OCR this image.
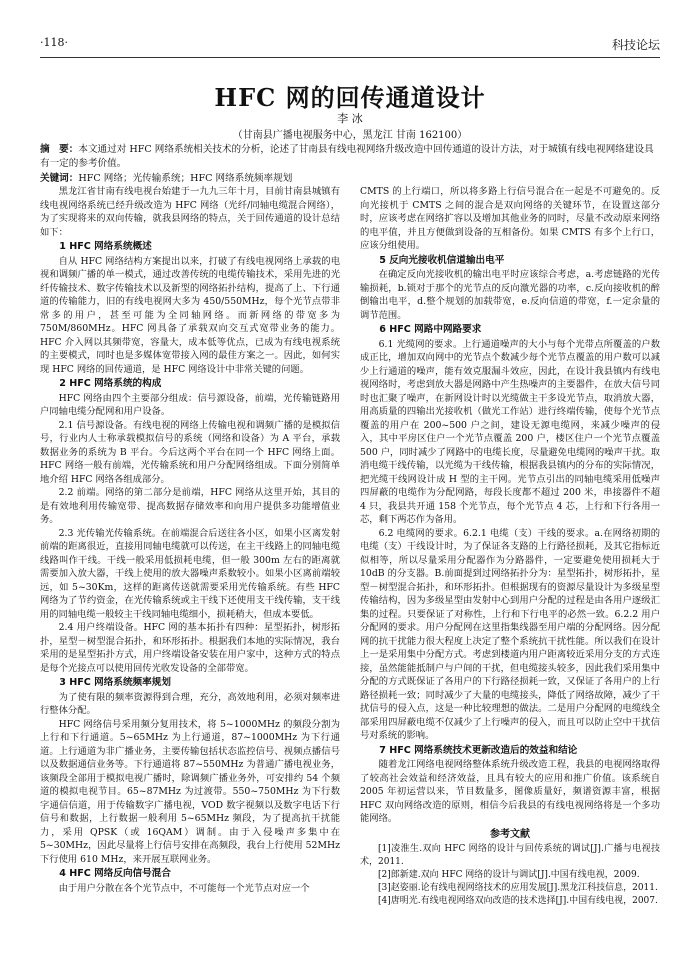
·118·	科技论坛
HFC 网的回传通道设计
李 冰
（甘南县广播电视服务中心，黑龙江 甘南 162100）
摘　要：本文通过对 HFC 网络系统相关技术的分析，论述了甘南县有线电视网络升级改造中回传通道的设计方法，对于城镇有线电视网络建设具有一定的参考价值。
关键词：HFC 网络；光传输系统；HFC 网络系统频率规划

黑龙江省甘南有线电视台始建于一九九三年十月，目前甘南县城镇有线电视网络系统已经升级改造为 HFC 网络（光纤/同轴电缆混合网络），为了实现将来的双向传输，就我县网络的特点，关于回传通道的设计总结如下：

1 HFC 网络系统概述

自从 HFC 网络结构方案提出以来，打破了有线电视网络上承载的电视和调频广播的单一模式，通过改善传统的电缆传输技术，采用先进的光纤传输技术、数字传输技术以及新型的网络拓扑结构，提高了上、下行通道的传输能力，旧的有线电视网大多为 450/550MHz，每个光节点带非常多的用户，甚至可能为全同轴网络。而新网络的带宽多为 750M/860MHz。HFC 网具备了承载双向交互式宽带业务的能力。HFC 介入网以其频带宽，容量大，成本低等优点，已成为有线电视系统的主要模式，同时也是多媒体宽带接入网的最佳方案之一。因此，如何实现 HFC 网络的回传通道，是 HFC 网络设计中非常关键的问题。

2 HFC 网络系统的构成

HFC 网络由四个主要部分组成：信号源设备，前端，光传输链路用户同轴电缆分配网和用户设备。

2.1 信号源设备。有线电视的网络上传输电视和调频广播的是模拟信号，行业内人士称承载模拟信号的系统（网络和设备）为 A 平台，承载数据业务的系统为 B 平台。今后这两个平台在同一个 HFC 网络上面。HFC 网络一般有前端，光传输系统和用户分配网络组成。下面分别简单地介绍 HFC 网络各组成部分。

2.2 前端。网络的第二部分是前端，HFC 网络从这里开始，其目的是有效地利用传输宽带、提高数据存储效率和向用户提供多功能增值业务。

2.3 光传输光传输系统。在前端混合后送往各小区，如果小区离发射前端的距离很近，直接用同轴电缆就可以传送，在主干线路上的同轴电缆线路叫作干线。干线一般采用低损耗电缆，但一般 300m 左右的距离就需要加入放大器，干线上使用的放大器噪声系数较小。如果小区离前端较远，如 5~30Km，这样的距离传送就需要采用光传输系统。有些 HFC 网络为了节约资金，在光传输系统或主干线下还使用支干线传输，支干线用的同轴电缆一般较主干线同轴电缆细小，损耗稍大，但成本要低。

2.4 用户终端设备。HFC 网的基本拓扑有四种：星型拓扑，树形拓扑，星型－树型混合拓扑，和环形拓扑。根据我们本地的实际情况，我台采用的是星型拓扑方式，用户终端设备安装在用户家中，这种方式的特点是每个光接点可以使用回传光收发设备的全部带宽。

3 HFC 网络系统频率规划

为了使有限的频率资源得到合理，充分，高效地利用，必须对频率进行整体分配。

HFC 网络信号采用频分复用技术，将 5~1000MHz 的频段分割为上行和下行通道。5~65MHz 为上行通道，87~1000MHz 为下行通道。上行通道为非广播业务，主要传输包括状态监控信号、视频点播信号以及数据通信业务等。下行通道将 87~550MHz 为普通广播电视业务，该频段全部用于模拟电视广播时，除调频广播业务外，可安排约 54 个频道的模拟电视节目。65~87MHz 为过渡带。550~750MHz 为下行数字通信信道，用于传输数字广播电视，VOD 数字视频以及数字电话下行信号和数据，上行数据一般利用 5~65MHz 频段，为了提高抗干扰能力，采用 QPSK（或 16QAM）调制。由于入侵噪声多集中在 5~30MHz，因此尽量将上行信号安排在高频段，我台上行使用 52MHz 下行使用 610 MHz，来开展互联网业务。

4 HFC 网络反向信号混合

由于用户分散在各个光节点中，不可能每一个光节点对应一个

CMTS 的上行端口，所以将多路上行信号混合在一起是不可避免的。反向光接机于 CMTS 之间的混合是双向网络的关键环节，在设置这部分时，应该考虑在网络扩容以及增加其他业务的同时，尽量不改动原来网络的电平值，并且方便做到设备的互相备份。如果 CMTS 有多个上行口，应该分组使用。

5 反向光接收机信道输出电平

在确定反向光接收机的输出电平时应该综合考虑，a.考虑链路的光传输损耗，b.锁对于那个的光节点的反向激光器的功率，c.反向接收机的醉倒输出电平，d.整个规划的加载带宽，e.反向信道的带宽，f.一定余量的调节范围。

6 HFC 网路中网路要求

6.1 光缆网的要求。上行通道噪声的大小与每个光带点所覆盖的户数成正比，增加双向网中的光节点个数减少每个光节点覆盖的用户数可以减少上行通道的噪声，能有效克服漏斗效应，因此，在设计我县镇内有线电视网络时，考虑到放大器是网路中产生热噪声的主要器件，在放大信号同时也汇聚了噪声，在新网设计时以光缆做主干多设光节点，取消放大器，用高质量的四输出光接收机（做光工作站）进行终端传输，使每个光节点覆盖的用户在 200~500 户之间，建设无源电缆网，来减少噪声的侵入，其中平房区住户一个光节点覆盖 200 户，楼区住户一个光节点覆盖 500 户，同时减少了网路中的电缆长度，尽量避免电缆网的噪声干扰。取消电缆干线传输，以光缆为干线传输，根据我县镇内的分布的实际情况，把光缆干线网设计成 H 型的主干网。光节点引出的同轴电缆采用低噪声四屏蔽的电缆作为分配网路，每段长度都不超过 200 米，串接器件不超 4 只，我县共开通 158 个光节点，每个光节点 4 芯，上行和下行各用一芯，剩下两芯作为备用。

6.2 电缆网的要求。6.2.1 电缆（支）干线的要求。a.在网络初期的电缆（支）干线设计时，为了保证各支路的上行路径损耗，及其它指标近似相等，所以尽量采用分配器作为分路器件，一定要避免使用损耗大于 10dB 的分支器。B.前面提到过网络拓扑分为：星型拓扑，树形拓扑，星型－树型混合拓扑，和环形拓扑。但根据现有的资源尽量设计为多级星型传输结构，因为多级星型由发射中心到用户分配的过程是由各用户逐级汇集的过程。只要保证了对称性，上行和下行电平的必然一致。6.2.2 用户分配网的要求。用户分配网在这里指集线器至用户端的分配网络。因分配网的抗干扰能力很大程度上决定了整个系统抗干扰性能。所以我们在设计上一是采用集中分配方式。考虑到楼道内用户距离较近采用分支的方式连接，虽然能能抵制户与户间的干扰，但电缆接头较多，因此我们采用集中分配的方式既保证了各用户的下行路径损耗一致，又保证了各用户的上行路径损耗一致；同时减少了大量的电缆接头，降低了网络故障，减少了干扰信号的侵入点，这是一种比较理想的做法。二是用户分配网的电缆线全部采用四屏蔽电缆不仅减少了上行噪声的侵入，而且可以防止空中干扰信号对系统的影响。

7 HFC 网络系统技术更新改造后的效益和结论

随着龙江网络电视网络整体系统升级改造工程，我县的电视网络取得了较高社会效益和经济效益，且具有较大的应用和推广价值。该系统自 2005 年初运营以来，节目数量多，图像质量好，频谱资源丰富，根据 HFC 双向网络改造的原则，相信今后我县的有线电视网络将是一个多功能网络。

参考文献

[1]凌淮生.双向 HFC 网络的设计与回传系统的调试[J].广播与电视技术，2011.

[2]郎新建.双向 HFC 网络的设计与调试[J].中国有线电视，2009.

[3]赵姿丽.论有线电视网络技术的应用发展[J].黑龙江科技信息，2011.

[4]唐明光.有线电视网络双向改造的技术选择[J].中国有线电视，2007.
